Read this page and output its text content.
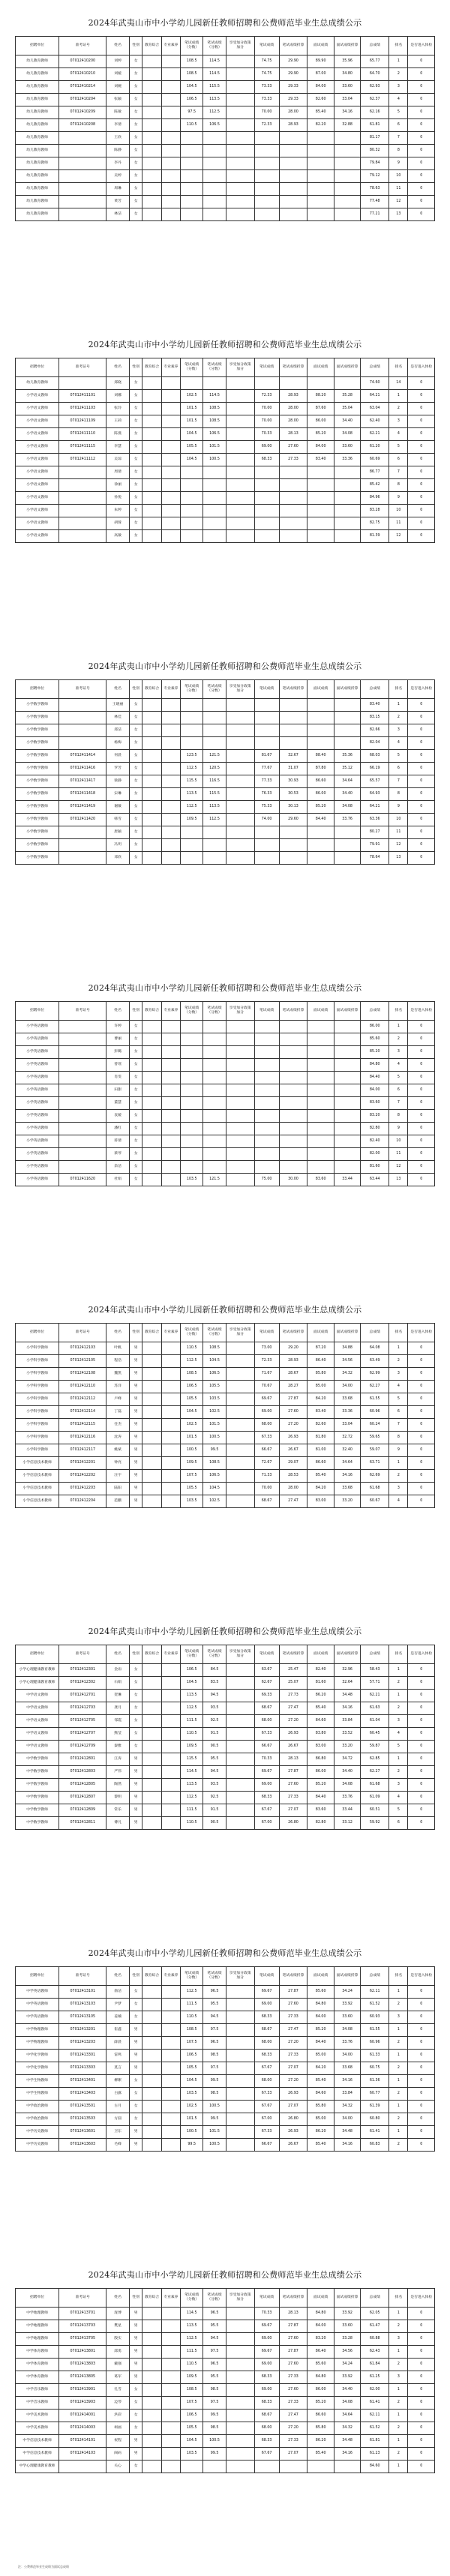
2024年武夷山市中小学幼儿园新任教师招聘和公费师范毕业生总成绩公示
招聘单位	准考证号	姓名	性别	教育综合	专业素养	笔试成绩（分数）	笔试成绩（分数）	享受加分政策加分	笔试成绩	笔试成绩折算	面试成绩	面试成绩折算	总成绩	排名	是否进入体检
幼儿教育教师	07012410200	刘婷	女			108.5	114.5		74.75	29.90	89.90	35.96	65.77	1	0
幼儿教育教师	07012410210	刘媛	女			108.5	114.5		74.75	29.90	87.00	34.80	64.70	2	0
幼儿教育教师	07012410214	刘婉	女			104.5	115.5		73.33	29.33	84.00	33.60	62.93	3	0
幼儿教育教师	07012410204	张颖	女			106.5	113.5		73.33	29.33	82.60	33.04	62.37	4	0
幼儿教育教师	07012410209	陈敏	女			97.5	112.5		70.00	28.00	85.40	34.16	62.16	5	0
幼儿教育教师	07012410208	李倩	女			110.5	106.5		72.33	28.93	82.20	32.88	61.81	6	0
幼儿教育教师		王欣	女										81.17	7	0
幼儿教育教师		陈静	女										80.32	8	0
幼儿教育教师		李丹	女										79.84	9	0
幼儿教育教师		吴婷	女										79.12	10	0
幼儿教育教师		周琳	女										78.63	11	0
幼儿教育教师		黄芳	女										77.48	12	0
幼儿教育教师		林洁	女										77.21	13	0
2024年武夷山市中小学幼儿园新任教师招聘和公费师范毕业生总成绩公示
招聘单位	准考证号	姓名	性别	教育综合	专业素养	笔试成绩（分数）	笔试成绩（分数）	享受加分政策加分	笔试成绩	笔试成绩折算	面试成绩	面试成绩折算	总成绩	排名	是否进入体检
幼儿教育教师		郑晓	女										74.60	14	0
小学语文教师	07012411101	刘娜	女			102.5	114.5		72.33	28.93	88.20	35.28	64.21	1	0
小学语文教师	07012411103	张玲	女			101.5	108.5		70.00	28.00	87.60	35.04	63.04	2	0
小学语文教师	07012411109	王莉	女			101.5	108.5		70.00	28.00	86.00	34.40	62.40	3	0
小学语文教师	07012411110	陈燕	女			104.5	106.5		70.33	28.13	85.20	34.08	62.21	4	0
小学语文教师	07012411115	李慧	女			105.5	101.5		69.00	27.60	84.00	33.60	61.20	5	0
小学语文教师	07012411112	吴琼	女			104.5	100.5		68.33	27.33	83.40	33.36	60.69	6	0
小学语文教师		周倩	女										86.77	7	0
小学语文教师		徐丽	女										85.42	8	0
小学语文教师		孙悦	女										84.96	9	0
小学语文教师		朱婷	女										83.28	10	0
小学语文教师		胡蓉	女										82.75	11	0
小学语文教师		高敏	女										81.39	12	0
2024年武夷山市中小学幼儿园新任教师招聘和公费师范毕业生总成绩公示
招聘单位	准考证号	姓名	性别	教育综合	专业素养	笔试成绩（分数）	笔试成绩（分数）	享受加分政策加分	笔试成绩	笔试成绩折算	面试成绩	面试成绩折算	总成绩	排名	是否进入体检
小学数学教师		王晓丽	女										83.40	1	0
小学数学教师		林佳	女										83.15	2	0
小学数学教师		郑洁	女										82.66	3	0
小学数学教师		杨梅	女										82.04	4	0
小学数学教师	07012411414	何晨	女			123.5	121.5		81.67	32.67	88.40	35.36	68.03	5	0
小学数学教师	07012411416	罗芳	女			112.5	120.5		77.67	31.07	87.80	35.12	66.19	6	0
小学数学教师	07012411417	梁静	女			115.5	116.5		77.33	30.93	86.60	34.64	65.57	7	0
小学数学教师	07012411418	宋琳	女			113.5	115.5		76.33	30.53	86.00	34.40	64.93	8	0
小学数学教师	07012411419	谢敏	女			112.5	113.5		75.33	30.13	85.20	34.08	64.21	9	0
小学数学教师	07012411420	韩雪	女			109.5	112.5		74.00	29.60	84.40	33.76	63.36	10	0
小学数学教师		唐颖	女										80.27	11	0
小学数学教师		冯玥	女										79.91	12	0
小学数学教师		邓欣	女										78.64	13	0
2024年武夷山市中小学幼儿园新任教师招聘和公费师范毕业生总成绩公示
招聘单位	准考证号	姓名	性别	教育综合	专业素养	笔试成绩（分数）	笔试成绩（分数）	享受加分政策加分	笔试成绩	笔试成绩折算	面试成绩	面试成绩折算	总成绩	排名	是否进入体检
小学英语教师		许婷	女										86.00	1	0
小学英语教师		曹丽	女										85.60	2	0
小学英语教师		彭璐	女										85.20	3	0
小学英语教师		曾瑶	女										84.80	4	0
小学英语教师		肖雯	女										84.40	5	0
小学英语教师		田甜	女										84.00	6	0
小学英语教师		董慧	女										83.60	7	0
小学英语教师		袁媛	女										83.20	8	0
小学英语教师		潘红	女										82.80	9	0
小学英语教师		蒋倩	女										82.40	10	0
小学英语教师		蔡琴	女										82.00	11	0
小学英语教师		余洁	女										81.60	12	0
小学英语教师	07012411620	杜娟	女			103.5	121.5		75.00	30.00	83.60	33.44	63.44	13	0
2024年武夷山市中小学幼儿园新任教师招聘和公费师范毕业生总成绩公示
招聘单位	准考证号	姓名	性别	教育综合	专业素养	笔试成绩（分数）	笔试成绩（分数）	享受加分政策加分	笔试成绩	笔试成绩折算	面试成绩	面试成绩折算	总成绩	排名	是否进入体检
小学科学教师	07012412103	叶帆	男			110.5	108.5		73.00	29.20	87.20	34.88	64.08	1	0
小学科学教师	07012412105	程浩	男			112.5	104.5		72.33	28.93	86.40	34.56	63.49	2	0
小学科学教师	07012412108	魏凯	男			108.5	106.5		71.67	28.67	85.80	34.32	62.99	3	0
小学科学教师	07012412110	苏洋	男			106.5	105.5		70.67	28.27	85.00	34.00	62.27	4	0
小学科学教师	07012412112	卢峰	男			105.5	103.5		69.67	27.87	84.20	33.68	61.55	5	0
小学科学教师	07012412114	丁磊	男			104.5	102.5		69.00	27.60	83.40	33.36	60.96	6	0
小学科学教师	07012412115	任杰	男			102.5	101.5		68.00	27.20	82.60	33.04	60.24	7	0
小学科学教师	07012412116	沈涛	男			101.5	100.5		67.33	26.93	81.80	32.72	59.65	8	0
小学科学教师	07012412117	姚斌	男			100.5	99.5		66.67	26.67	81.00	32.40	59.07	9	0
小学信息技术教师	07012412201	钟亮	男			109.5	108.5		72.67	29.07	86.60	34.64	63.71	1	0
小学信息技术教师	07012412202	汪宇	男			107.5	106.5		71.33	28.53	85.40	34.16	62.69	2	0
小学信息技术教师	07012412203	陆阳	男			105.5	104.5		70.00	28.00	84.20	33.68	61.68	3	0
小学信息技术教师	07012412204	范鹏	男			103.5	102.5		68.67	27.47	83.00	33.20	60.67	4	0
2024年武夷山市中小学幼儿园新任教师招聘和公费师范毕业生总成绩公示
招聘单位	准考证号	姓名	性别	教育综合	专业素养	笔试成绩（分数）	笔试成绩（分数）	享受加分政策加分	笔试成绩	笔试成绩折算	面试成绩	面试成绩折算	总成绩	排名	是否进入体检
小学心理健康教育教师	07012412301	金雨	女			106.5	84.5		63.67	25.47	82.40	32.96	58.43	1	0
小学心理健康教育教师	07012412302	石娟	女			104.5	83.5		62.67	25.07	81.60	32.64	57.71	2	0
中学语文教师	07012412701	贺琳	女			113.5	94.5		69.33	27.73	86.20	34.48	62.21	1	0
中学语文教师	07012412703	龚月	女			112.5	93.5		68.67	27.47	85.40	34.16	61.63	2	0
中学语文教师	07012412705	邹霞	女			111.5	92.5		68.00	27.20	84.60	33.84	61.04	3	0
中学语文教师	07012412707	熊莹	女			110.5	91.5		67.33	26.93	83.80	33.52	60.45	4	0
中学语文教师	07012412709	秦雅	女			109.5	90.5		66.67	26.67	83.00	33.20	59.87	5	0
中学数学教师	07012412801	江涛	男			115.5	95.5		70.33	28.13	86.80	34.72	62.85	1	0
中学数学教师	07012412803	严伟	男			114.5	94.5		69.67	27.87	86.00	34.40	62.27	2	0
中学数学教师	07012412805	陶然	男			113.5	93.5		69.00	27.60	85.20	34.08	61.68	3	0
中学数学教师	07012412807	黎明	男			112.5	92.5		68.33	27.33	84.40	33.76	61.09	4	0
中学数学教师	07012412809	常乐	男			111.5	91.5		67.67	27.07	83.60	33.44	60.51	5	0
中学数学教师	07012412811	傅凡	男			110.5	90.5		67.00	26.80	82.80	33.12	59.92	6	0
2024年武夷山市中小学幼儿园新任教师招聘和公费师范毕业生总成绩公示
招聘单位	准考证号	姓名	性别	教育综合	专业素养	笔试成绩（分数）	笔试成绩（分数）	享受加分政策加分	笔试成绩	笔试成绩折算	面试成绩	面试成绩折算	总成绩	排名	是否进入体检
中学英语教师	07012413101	俞洁	女			112.5	96.5		69.67	27.87	85.60	34.24	62.11	1	0
中学英语教师	07012413103	尹梦	女			111.5	95.5		69.00	27.60	84.80	33.92	61.52	2	0
中学英语教师	07012413105	姜楠	女			110.5	94.5		68.33	27.33	84.00	33.60	60.93	3	0
中学物理教师	07012413201	崔鑫	男			108.5	97.5		68.67	27.47	85.20	34.08	61.55	1	0
中学物理教师	07012413203	薛晨	男			107.5	96.5		68.00	27.20	84.40	33.76	60.96	2	0
中学化学教师	07012413301	雷鸣	男			106.5	98.5		68.33	27.33	85.00	34.00	61.33	1	0
中学化学教师	07012413303	莫言	男			105.5	97.5		67.67	27.07	84.20	33.68	60.75	2	0
中学生物教师	07012413401	柳絮	女			104.5	99.5		68.00	27.20	85.40	34.16	61.36	1	0
中学生物教师	07012413403	白露	女			103.5	98.5		67.33	26.93	84.60	33.84	60.77	2	0
中学政治教师	07012413501	古月	女			102.5	100.5		67.67	27.07	85.80	34.32	61.39	1	0
中学政治教师	07012413503	方圆	女			101.5	99.5		67.00	26.80	85.00	34.00	60.80	2	0
中学历史教师	07012413601	卫东	男			100.5	101.5		67.33	26.93	86.20	34.48	61.41	1	0
中学历史教师	07012413603	毛峰	男			99.5	100.5		66.67	26.67	85.40	34.16	60.83	2	0
2024年武夷山市中小学幼儿园新任教师招聘和公费师范毕业生总成绩公示
招聘单位	准考证号	姓名	性别	教育综合	专业素养	笔试成绩（分数）	笔试成绩（分数）	享受加分政策加分	笔试成绩	笔试成绩折算	面试成绩	面试成绩折算	总成绩	排名	是否进入体检
中学地理教师	07012413701	庞博	男			114.5	96.5		70.33	28.13	84.80	33.92	62.05	1	0
中学地理教师	07012413703	樊星	男			113.5	95.5		69.67	27.87	84.00	33.60	61.47	2	0
中学地理教师	07012413705	殷实	男			112.5	94.5		69.00	27.60	83.20	33.28	60.88	3	0
中学体育教师	07012413801	邱勇	男			111.5	97.5		69.67	27.87	86.40	34.56	62.43	1	0
中学体育教师	07012413803	戴强	男			110.5	96.5		69.00	27.60	85.60	34.24	61.84	2	0
中学体育教师	07012413805	葛军	男			109.5	95.5		68.33	27.33	84.80	33.92	61.25	3	0
中学音乐教师	07012413901	孔雪	女			108.5	98.5		69.00	27.60	86.00	34.40	62.00	1	0
中学音乐教师	07012413903	边琴	女			107.5	97.5		68.33	27.33	85.20	34.08	61.41	2	0
中学美术教师	07012414001	洪彩	女			106.5	99.5		68.67	27.47	86.60	34.64	62.11	1	0
中学美术教师	07012414003	柯画	女			105.5	98.5		68.00	27.20	85.80	34.32	61.52	2	0
中学信息技术教师	07012414101	祝程	男			104.5	100.5		68.33	27.33	86.20	34.48	61.81	1	0
中学信息技术教师	07012414103	阎码	男			103.5	99.5		67.67	27.07	85.40	34.16	61.23	2	0
中学心理健康教育教师		关心	女										84.60	1	0
注：公费师范毕业生成绩为面试总成绩
